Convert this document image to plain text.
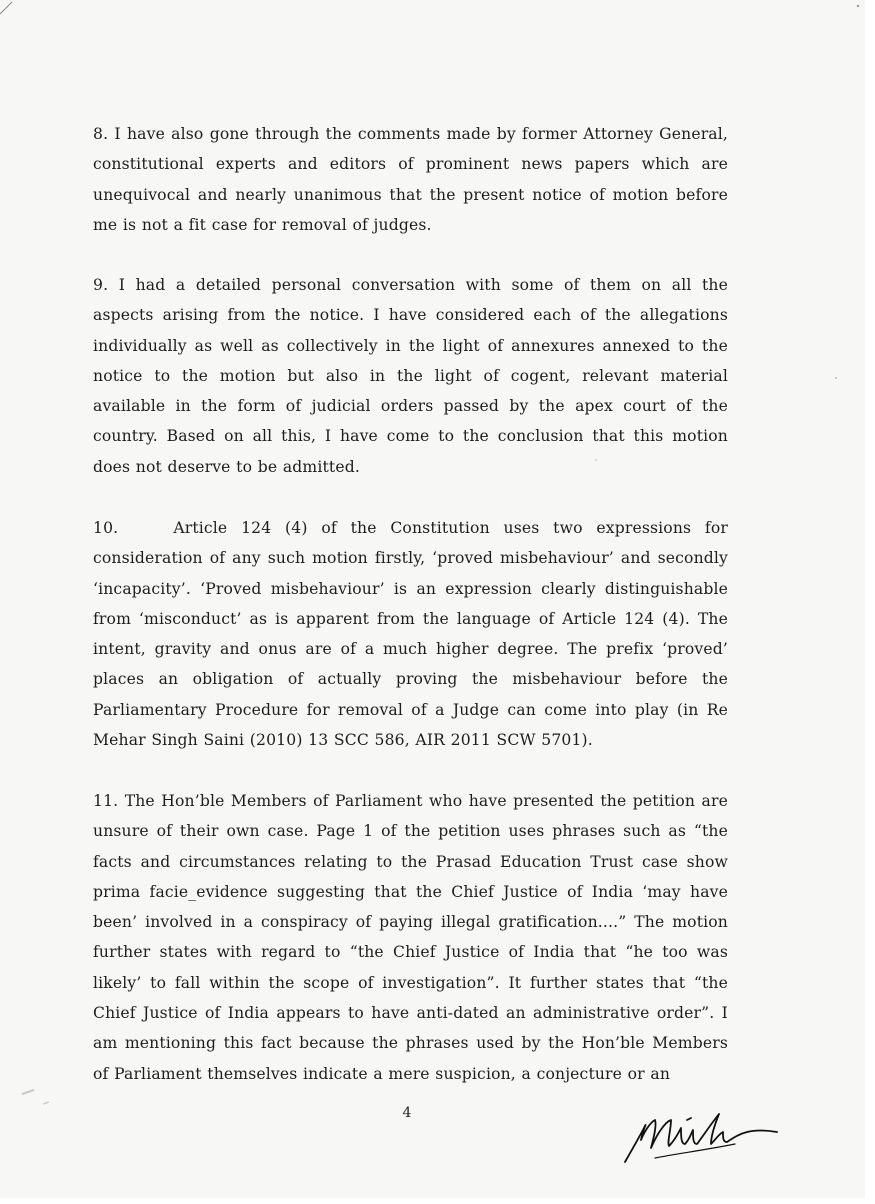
8. I have also gone through the comments made by former Attorney General, constitutional experts and editors of prominent news papers which are unequivocal and nearly unanimous that the present notice of motion before me is not a fit case for removal of judges.

9. I had a detailed personal conversation with some of them on all the aspects arising from the notice. I have considered each of the allegations individually as well as collectively in the light of annexures annexed to the notice to the motion but also in the light of cogent, relevant material available in the form of judicial orders passed by the apex court of the country. Based on all this, I have come to the conclusion that this motion does not deserve to be admitted.

10.    Article 124 (4) of the Constitution uses two expressions for consideration of any such motion firstly, ‘proved misbehaviour’ and secondly ‘incapacity’. ‘Proved misbehaviour’ is an expression clearly distinguishable from ‘misconduct’ as is apparent from the language of Article 124 (4). The intent, gravity and onus are of a much higher degree. The prefix ‘proved’ places an obligation of actually proving the misbehaviour before the Parliamentary Procedure for removal of a Judge can come into play (in Re Mehar Singh Saini (2010) 13 SCC 586, AIR 2011 SCW 5701).

11. The Hon’ble Members of Parliament who have presented the petition are unsure of their own case. Page 1 of the petition uses phrases such as “the facts and circumstances relating to the Prasad Education Trust case show prima facie_evidence suggesting that the Chief Justice of India ‘may have been’ involved in a conspiracy of paying illegal gratification....” The motion further states with regard to “the Chief Justice of India that “he too was likely’ to fall within the scope of investigation”. It further states that “the Chief Justice of India appears to have anti-dated an administrative order”. I am mentioning this fact because the phrases used by the Hon’ble Members of Parliament themselves indicate a mere suspicion, a conjecture or an

4
